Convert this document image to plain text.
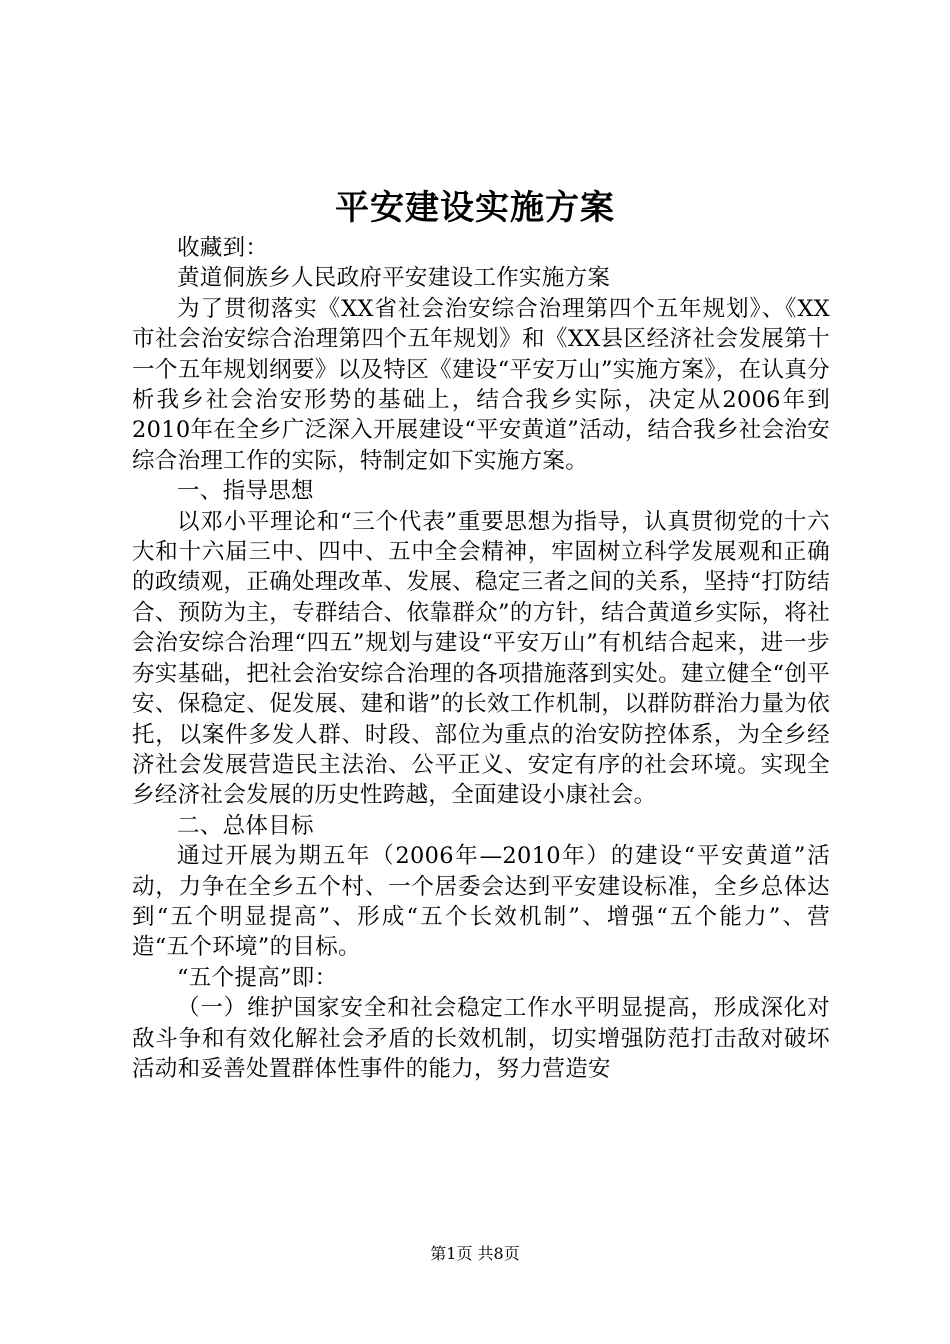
平安建设实施方案

收藏到：

黄道侗族乡人民政府平安建设工作实施方案

为了贯彻落实《XX省社会治安综合治理第四个五年规划》、《XX市社会治安综合治理第四个五年规划》和《XX县区经济社会发展第十一个五年规划纲要》以及特区《建设“平安万山”实施方案》，在认真分析我乡社会治安形势的基础上，结合我乡实际，决定从2006年到2010年在全乡广泛深入开展建设“平安黄道”活动，结合我乡社会治安综合治理工作的实际，特制定如下实施方案。

一、指导思想

以邓小平理论和“三个代表”重要思想为指导，认真贯彻党的十六大和十六届三中、四中、五中全会精神，牢固树立科学发展观和正确的政绩观，正确处理改革、发展、稳定三者之间的关系，坚持“打防结合、预防为主，专群结合、依靠群众”的方针，结合黄道乡实际，将社会治安综合治理“四五”规划与建设“平安万山”有机结合起来，进一步夯实基础，把社会治安综合治理的各项措施落到实处。建立健全“创平安、保稳定、促发展、建和谐”的长效工作机制，以群防群治力量为依托，以案件多发人群、时段、部位为重点的治安防控体系，为全乡经济社会发展营造民主法治、公平正义、安定有序的社会环境。实现全乡经济社会发展的历史性跨越，全面建设小康社会。

二、总体目标

通过开展为期五年（2006年—2010年）的建设“平安黄道”活动，力争在全乡五个村、一个居委会达到平安建设标准，全乡总体达到“五个明显提高”、形成“五个长效机制”、增强“五个能力”、营造“五个环境”的目标。

“五个提高”即：

（一）维护国家安全和社会稳定工作水平明显提高，形成深化对敌斗争和有效化解社会矛盾的长效机制，切实增强防范打击敌对破坏活动和妥善处置群体性事件的能力，努力营造安

第1页 共8页
